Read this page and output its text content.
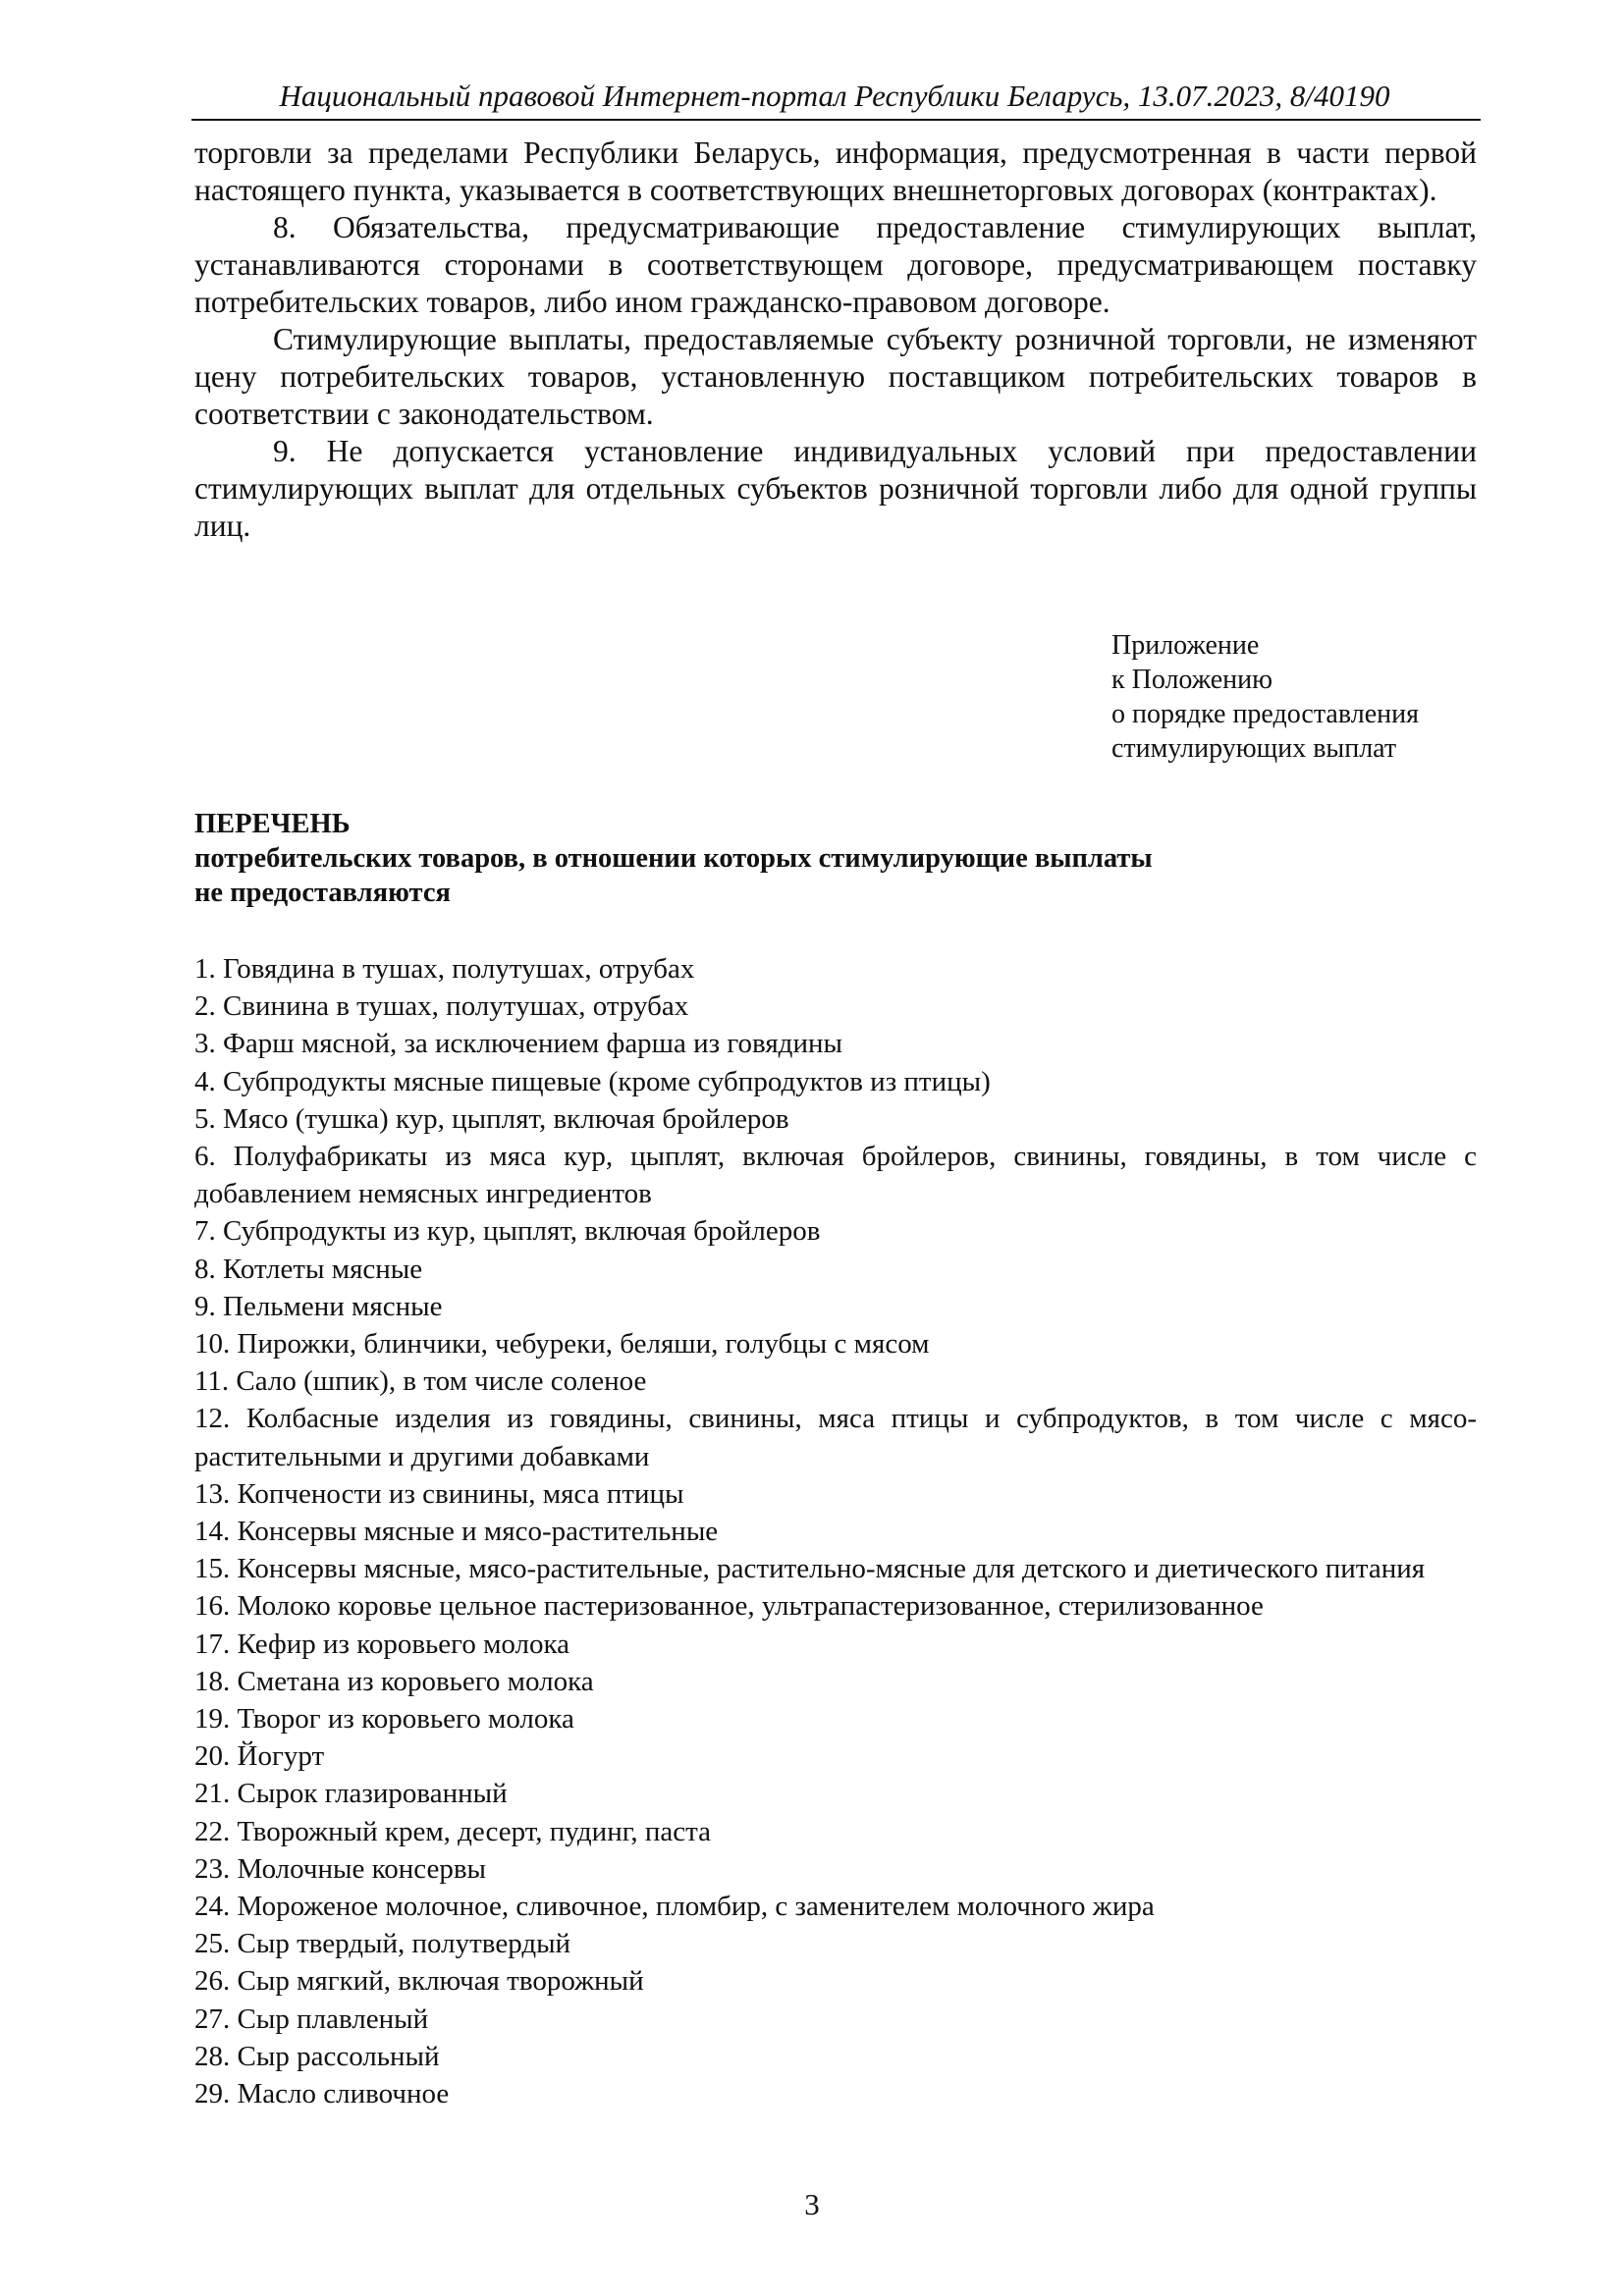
Национальный правовой Интернет-портал Республики Беларусь, 13.07.2023, 8/40190

торговли за пределами Республики Беларусь, информация, предусмотренная в части первой настоящего пункта, указывается в соответствующих внешнеторговых договорах (контрактах).

8. Обязательства, предусматривающие предоставление стимулирующих выплат, устанавливаются сторонами в соответствующем договоре, предусматривающем поставку потребительских товаров, либо ином гражданско-правовом договоре.

Стимулирующие выплаты, предоставляемые субъекту розничной торговли, не изменяют цену потребительских товаров, установленную поставщиком потребительских товаров в соответствии с законодательством.

9. Не допускается установление индивидуальных условий при предоставлении стимулирующих выплат для отдельных субъектов розничной торговли либо для одной группы лиц.

Приложение
к Положению
о порядке предоставления
стимулирующих выплат
ПЕРЕЧЕНЬ
потребительских товаров, в отношении которых стимулирующие выплаты
не предоставляются
1. Говядина в тушах, полутушах, отрубах
2. Свинина в тушах, полутушах, отрубах
3. Фарш мясной, за исключением фарша из говядины
4. Субпродукты мясные пищевые (кроме субпродуктов из птицы)
5. Мясо (тушка) кур, цыплят, включая бройлеров
6. Полуфабрикаты из мяса кур, цыплят, включая бройлеров, свинины, говядины, в том числе с добавлением немясных ингредиентов
7. Субпродукты из кур, цыплят, включая бройлеров
8. Котлеты мясные
9. Пельмени мясные
10. Пирожки, блинчики, чебуреки, беляши, голубцы с мясом
11. Сало (шпик), в том числе соленое
12. Колбасные изделия из говядины, свинины, мяса птицы и субпродуктов, в том числе с мясо-растительными и другими добавками
13. Копчености из свинины, мяса птицы
14. Консервы мясные и мясо-растительные
15. Консервы мясные, мясо-растительные, растительно-мясные для детского и диетического питания
16. Молоко коровье цельное пастеризованное, ультрапастеризованное, стерилизованное
17. Кефир из коровьего молока
18. Сметана из коровьего молока
19. Творог из коровьего молока
20. Йогурт
21. Сырок глазированный
22. Творожный крем, десерт, пудинг, паста
23. Молочные консервы
24. Мороженое молочное, сливочное, пломбир, с заменителем молочного жира
25. Сыр твердый, полутвердый
26. Сыр мягкий, включая творожный
27. Сыр плавленый
28. Сыр рассольный
29. Масло сливочное
3
